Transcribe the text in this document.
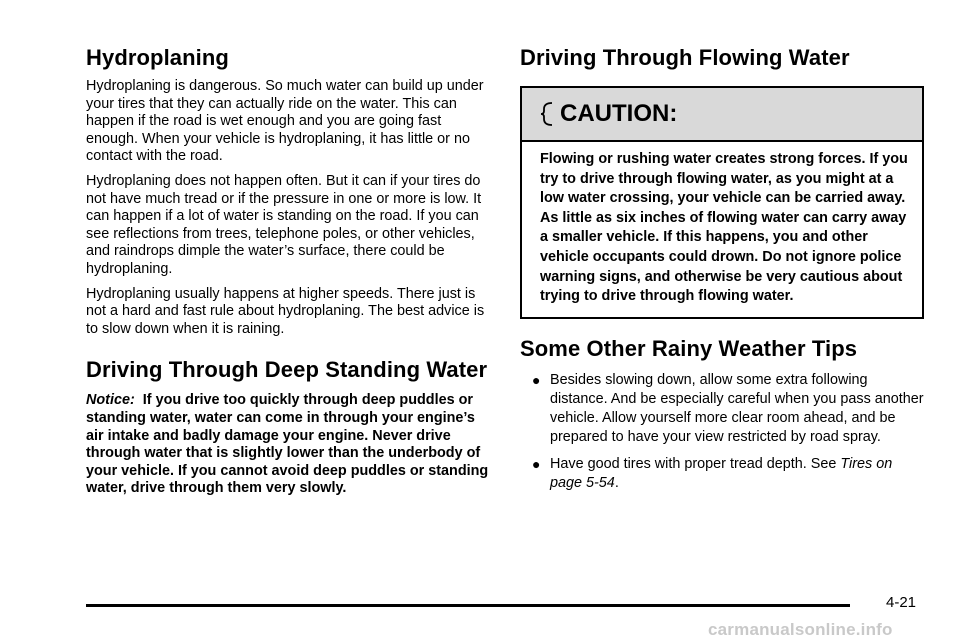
Hydroplaning

Hydroplaning is dangerous. So much water can build up under your tires that they can actually ride on the water. This can happen if the road is wet enough and you are going fast enough. When your vehicle is hydroplaning, it has little or no contact with the road.

Hydroplaning does not happen often. But it can if your tires do not have much tread or if the pressure in one or more is low. It can happen if a lot of water is standing on the road. If you can see reflections from trees, telephone poles, or other vehicles, and raindrops dimple the water’s surface, there could be hydroplaning.

Hydroplaning usually happens at higher speeds. There just is not a hard and fast rule about hydroplaning. The best advice is to slow down when it is raining.

Driving Through Deep Standing Water

Notice: If you drive too quickly through deep puddles or standing water, water can come in through your engine’s air intake and badly damage your engine. Never drive through water that is slightly lower than the underbody of your vehicle. If you cannot avoid deep puddles or standing water, drive through them very slowly.

Driving Through Flowing Water
CAUTION:
Flowing or rushing water creates strong forces. If you try to drive through flowing water, as you might at a low water crossing, your vehicle can be carried away. As little as six inches of flowing water can carry away a smaller vehicle. If this happens, you and other vehicle occupants could drown. Do not ignore police warning signs, and otherwise be very cautious about trying to drive through flowing water.
Some Other Rainy Weather Tips
● Besides slowing down, allow some extra following distance. And be especially careful when you pass another vehicle. Allow yourself more clear room ahead, and be prepared to have your view restricted by road spray.
● Have good tires with proper tread depth. See Tires on page 5-54.
4-21
carmanualsonline.info
